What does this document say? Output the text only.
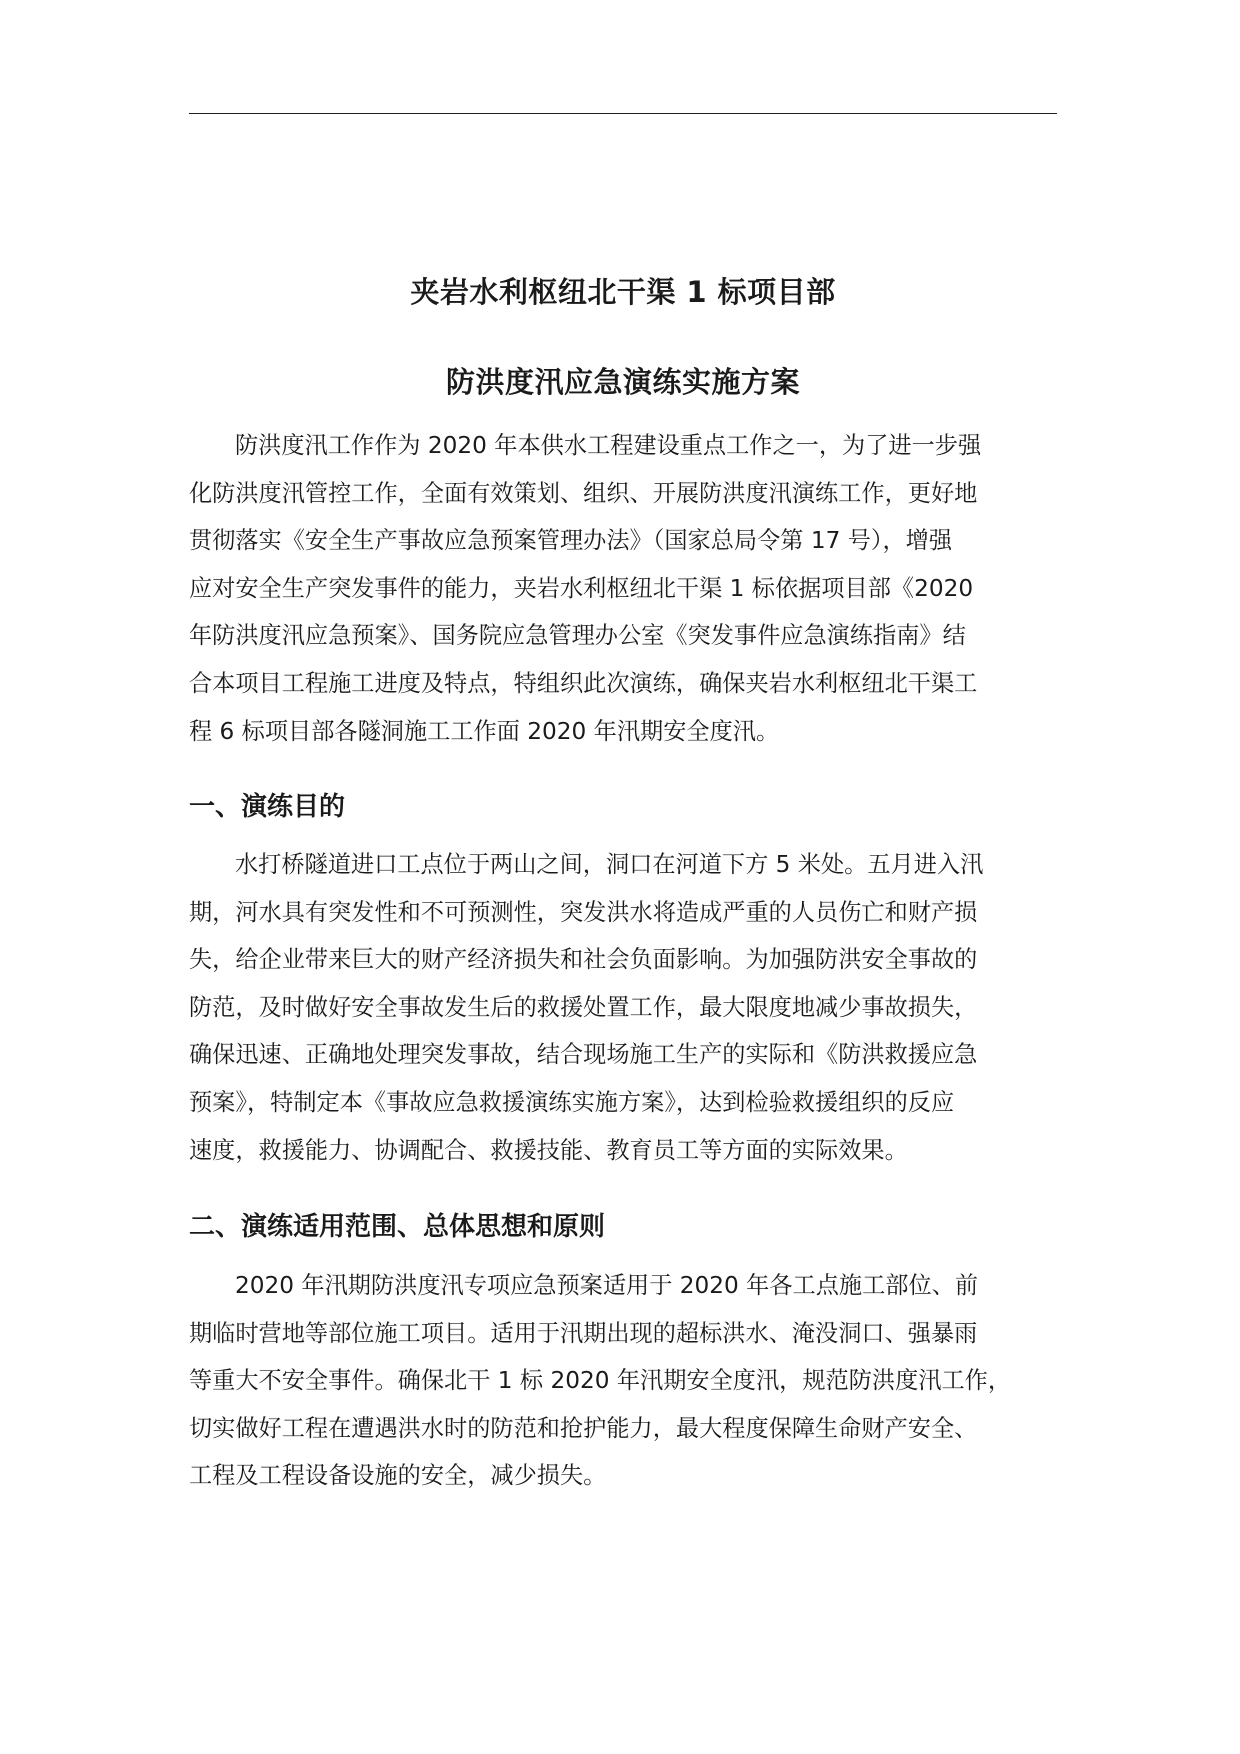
夹岩水利枢纽北干渠 1 标项目部
防洪度汛应急演练实施方案
防洪度汛工作作为 2020 年本供水工程建设重点工作之一，为了进一步强
化防洪度汛管控工作，全面有效策划、组织、开展防洪度汛演练工作，更好地
贯彻落实《安全生产事故应急预案管理办法》（国家总局令第 17 号），增强
应对安全生产突发事件的能力，夹岩水利枢纽北干渠 1 标依据项目部《2020
年防洪度汛应急预案》、国务院应急管理办公室《突发事件应急演练指南》结
合本项目工程施工进度及特点，特组织此次演练，确保夹岩水利枢纽北干渠工
程 6 标项目部各隧洞施工工作面 2020 年汛期安全度汛。
一、演练目的
水打桥隧道进口工点位于两山之间，洞口在河道下方 5 米处。五月进入汛
期，河水具有突发性和不可预测性，突发洪水将造成严重的人员伤亡和财产损
失，给企业带来巨大的财产经济损失和社会负面影响。为加强防洪安全事故的
防范，及时做好安全事故发生后的救援处置工作，最大限度地减少事故损失，
确保迅速、正确地处理突发事故，结合现场施工生产的实际和《防洪救援应急
预案》，特制定本《事故应急救援演练实施方案》，达到检验救援组织的反应
速度，救援能力、协调配合、救援技能、教育员工等方面的实际效果。
二、演练适用范围、总体思想和原则
2020 年汛期防洪度汛专项应急预案适用于 2020 年各工点施工部位、前
期临时营地等部位施工项目。适用于汛期出现的超标洪水、淹没洞口、强暴雨
等重大不安全事件。确保北干 1 标 2020 年汛期安全度汛，规范防洪度汛工作，
切实做好工程在遭遇洪水时的防范和抢护能力，最大程度保障生命财产安全、
工程及工程设备设施的安全，减少损失。
